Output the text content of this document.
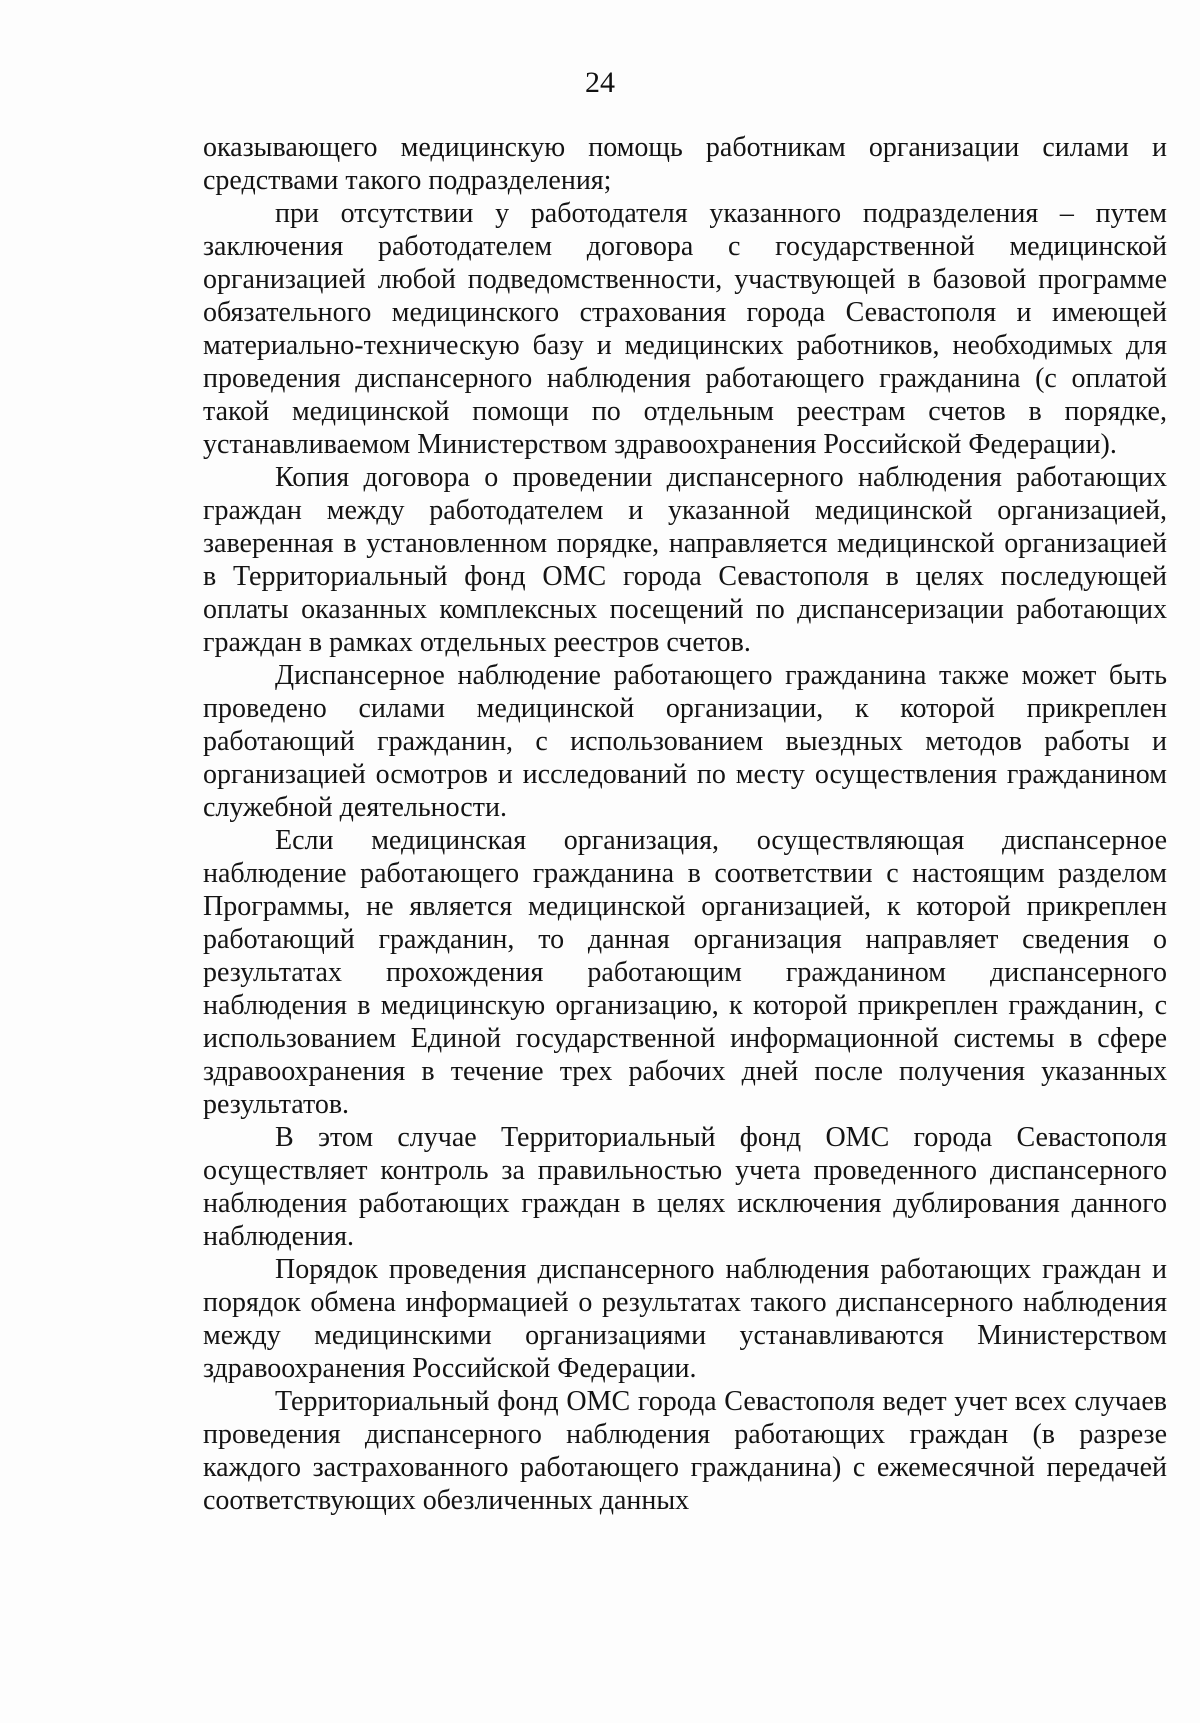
24

оказывающего медицинскую помощь работникам организации силами и средствами такого подразделения;

при отсутствии у работодателя указанного подразделения – путем заключения работодателем договора с государственной медицинской организацией любой подведомственности, участвующей в базовой программе обязательного медицинского страхования города Севастополя и имеющей материально-техническую базу и медицинских работников, необходимых для проведения диспансерного наблюдения работающего гражданина (с оплатой такой медицинской помощи по отдельным реестрам счетов в порядке, устанавливаемом Министерством здравоохранения Российской Федерации).

Копия договора о проведении диспансерного наблюдения работающих граждан между работодателем и указанной медицинской организацией, заверенная в установленном порядке, направляется медицинской организацией в Территориальный фонд ОМС города Севастополя в целях последующей оплаты оказанных комплексных посещений по диспансеризации работающих граждан в рамках отдельных реестров счетов.

Диспансерное наблюдение работающего гражданина также может быть проведено силами медицинской организации, к которой прикреплен работающий гражданин, с использованием выездных методов работы и организацией осмотров и исследований по месту осуществления гражданином служебной деятельности.

Если медицинская организация, осуществляющая диспансерное наблюдение работающего гражданина в соответствии с настоящим разделом Программы, не является медицинской организацией, к которой прикреплен работающий гражданин, то данная организация направляет сведения о результатах прохождения работающим гражданином диспансерного наблюдения в медицинскую организацию, к которой прикреплен гражданин, с использованием Единой государственной информационной системы в сфере здравоохранения в течение трех рабочих дней после получения указанных результатов.

В этом случае Территориальный фонд ОМС города Севастополя осуществляет контроль за правильностью учета проведенного диспансерного наблюдения работающих граждан в целях исключения дублирования данного наблюдения.

Порядок проведения диспансерного наблюдения работающих граждан и порядок обмена информацией о результатах такого диспансерного наблюдения между медицинскими организациями устанавливаются Министерством здравоохранения Российской Федерации.

Территориальный фонд ОМС города Севастополя ведет учет всех случаев проведения диспансерного наблюдения работающих граждан (в разрезе каждого застрахованного работающего гражданина) с ежемесячной передачей соответствующих обезличенных данных
